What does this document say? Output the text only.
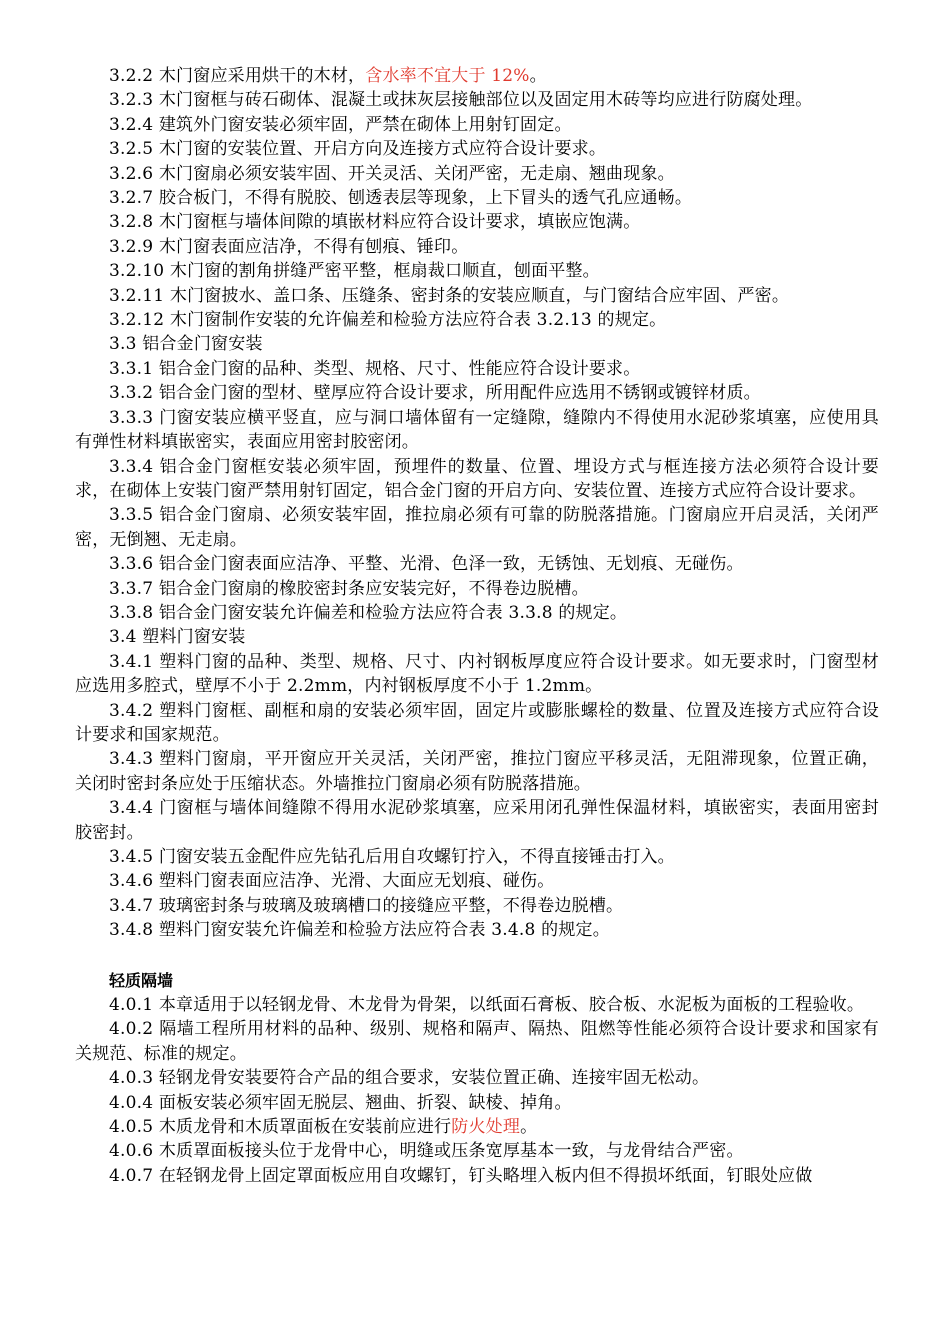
3.2.2 木门窗应采用烘干的木材，含水率不宜大于 12%。

3.2.3 木门窗框与砖石砌体、混凝土或抹灰层接触部位以及固定用木砖等均应进行防腐处理。

3.2.4 建筑外门窗安装必须牢固，严禁在砌体上用射钉固定。

3.2.5 木门窗的安装位置、开启方向及连接方式应符合设计要求。

3.2.6 木门窗扇必须安装牢固、开关灵活、关闭严密，无走扇、翘曲现象。

3.2.7 胶合板门，不得有脱胶、刨透表层等现象，上下冒头的透气孔应通畅。

3.2.8 木门窗框与墙体间隙的填嵌材料应符合设计要求，填嵌应饱满。

3.2.9 木门窗表面应洁净，不得有刨痕、锤印。

3.2.10 木门窗的割角拼缝严密平整，框扇裁口顺直，刨面平整。

3.2.11 木门窗披水、盖口条、压缝条、密封条的安装应顺直，与门窗结合应牢固、严密。

3.2.12 木门窗制作安装的允许偏差和检验方法应符合表 3.2.13 的规定。

3.3 铝合金门窗安装

3.3.1 铝合金门窗的品种、类型、规格、尺寸、性能应符合设计要求。

3.3.2 铝合金门窗的型材、壁厚应符合设计要求，所用配件应选用不锈钢或镀锌材质。

3.3.3 门窗安装应横平竖直，应与洞口墙体留有一定缝隙，缝隙内不得使用水泥砂浆填塞，应使用具有弹性材料填嵌密实，表面应用密封胶密闭。

3.3.4 铝合金门窗框安装必须牢固，预埋件的数量、位置、埋设方式与框连接方法必须符合设计要求，在砌体上安装门窗严禁用射钉固定，铝合金门窗的开启方向、安装位置、连接方式应符合设计要求。

3.3.5 铝合金门窗扇、必须安装牢固，推拉扇必须有可靠的防脱落措施。门窗扇应开启灵活，关闭严密，无倒翘、无走扇。

3.3.6 铝合金门窗表面应洁净、平整、光滑、色泽一致，无锈蚀、无划痕、无碰伤。

3.3.7 铝合金门窗扇的橡胶密封条应安装完好，不得卷边脱槽。

3.3.8 铝合金门窗安装允许偏差和检验方法应符合表 3.3.8 的规定。

3.4 塑料门窗安装

3.4.1 塑料门窗的品种、类型、规格、尺寸、内衬钢板厚度应符合设计要求。如无要求时，门窗型材应选用多腔式，壁厚不小于 2.2mm，内衬钢板厚度不小于 1.2mm。

3.4.2 塑料门窗框、副框和扇的安装必须牢固，固定片或膨胀螺栓的数量、位置及连接方式应符合设计要求和国家规范。

3.4.3 塑料门窗扇，平开窗应开关灵活，关闭严密，推拉门窗应平移灵活，无阻滞现象，位置正确，关闭时密封条应处于压缩状态。外墙推拉门窗扇必须有防脱落措施。

3.4.4 门窗框与墙体间缝隙不得用水泥砂浆填塞，应采用闭孔弹性保温材料，填嵌密实，表面用密封胶密封。

3.4.5 门窗安装五金配件应先钻孔后用自攻螺钉拧入，不得直接锤击打入。

3.4.6 塑料门窗表面应洁净、光滑、大面应无划痕、碰伤。

3.4.7 玻璃密封条与玻璃及玻璃槽口的接缝应平整，不得卷边脱槽。

3.4.8 塑料门窗安装允许偏差和检验方法应符合表 3.4.8 的规定。

轻质隔墙

4.0.1 本章适用于以轻钢龙骨、木龙骨为骨架，以纸面石膏板、胶合板、水泥板为面板的工程验收。

4.0.2 隔墙工程所用材料的品种、级别、规格和隔声、隔热、阻燃等性能必须符合设计要求和国家有关规范、标准的规定。

4.0.3 轻钢龙骨安装要符合产品的组合要求，安装位置正确、连接牢固无松动。

4.0.4 面板安装必须牢固无脱层、翘曲、折裂、缺棱、掉角。

4.0.5 木质龙骨和木质罩面板在安装前应进行防火处理。

4.0.6 木质罩面板接头位于龙骨中心，明缝或压条宽厚基本一致，与龙骨结合严密。

4.0.7 在轻钢龙骨上固定罩面板应用自攻螺钉，钉头略埋入板内但不得损坏纸面，钉眼处应做
